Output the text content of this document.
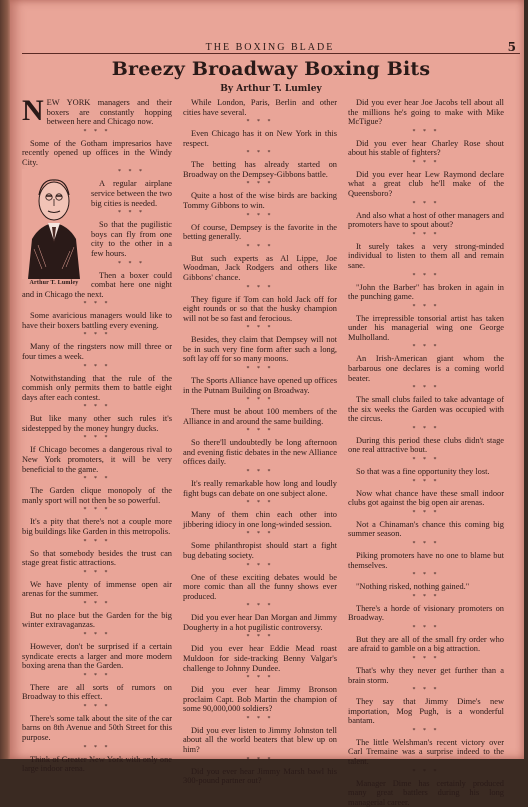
THE BOXING BLADE	5
Breezy Broadway Boxing Bits
By Arthur T. Lumley

NEW YORK managers and their boxers are constantly hopping between here and Chicago now.

* * *

Some of the Gotham impresarios have recently opened up offices in the Windy City.

Arthur T. Lumley
* * *

A regular airplane service between the two big cities is needed.

* * *

So that the pugilistic boys can fly from one city to the other in a few hours.

* * *

Then a boxer could combat here one night and in Chicago the next.

* * *

Some avaricious managers would like to have their boxers battling every evening.

* * *

Many of the ringsters now mill three or four times a week.

* * *

Notwithstanding that the rule of the commish only permits them to battle eight days after each contest.

* * *

But like many other such rules it's sidestepped by the money hungry ducks.

* * *

If Chicago becomes a dangerous rival to New York promoters, it will be very beneficial to the game.

* * *

The Garden clique monopoly of the manly sport will not then be so powerful.

* * *

It's a pity that there's not a couple more big buildings like Garden in this metropolis.

* * *

So that somebody besides the trust can stage great fistic attractions.

* * *

We have plenty of immense open air arenas for the summer.

* * *

But no place but the Garden for the big winter extravaganzas.

* * *

However, don't be surprised if a certain syndicate erects a larger and more modern boxing arena than the Garden.

* * *

There are all sorts of rumors on Broadway to this effect.

* * *

There's some talk about the site of the car barns on 8th Avenue and 50th Street for this purpose.

* * *

Think of Greater New York with only one large indoor arena.

While London, Paris, Berlin and other cities have several.

* * *

Even Chicago has it on New York in this respect.

* * *

The betting has already started on Broadway on the Dempsey-Gibbons battle.

* * *

Quite a host of the wise birds are backing Tommy Gibbons to win.

* * *

Of course, Dempsey is the favorite in the betting generally.

* * *

But such experts as Al Lippe, Joe Woodman, Jack Rodgers and others like Gibbons' chance.

* * *

They figure if Tom can hold Jack off for eight rounds or so that the husky champion will not be so fast and ferocious.

* * *

Besides, they claim that Dempsey will not be in such very fine form after such a long, soft lay off for so many moons.

* * *

The Sports Alliance have opened up offices in the Putnam Building on Broadway.

* * *

There must be about 100 members of the Alliance in and around the same building.

* * *

So there'll undoubtedly be long afternoon and evening fistic debates in the new Alliance offices daily.

* * *

It's really remarkable how long and loudly fight bugs can debate on one subject alone.

* * *

Many of them chin each other into jibbering idiocy in one long-winded session.

* * *

Some philanthropist should start a fight bug debating society.

* * *

One of these exciting debates would be more comic than all the funny shows ever produced.

* * *

Did you ever hear Dan Morgan and Jimmy Dougherty in a hot pugilistic controversy.

* * *

Did you ever hear Eddie Mead roast Muldoon for side-tracking Benny Valgar's challenge to Johnny Dundee.

* * *

Did you ever hear Jimmy Bronson proclaim Capt. Bob Martin the champion of some 90,000,000 soldiers?

* * *

Did you ever listen to Jimmy Johnston tell about all the world beaters that blew up on him?

* * *

Did you ever hear Jimmy Marsh bawl his 300-pound partner out?

Did you ever hear Joe Jacobs tell about all the millions he's going to make with Mike McTigue?

* * *

Did you ever hear Charley Rose shout about his stable of fighters?

* * *

Did you ever hear Lew Raymond declare what a great club he'll make of the Queensboro?

* * *

And also what a host of other managers and promoters have to spout about?

* * *

It surely takes a very strong-minded individual to listen to them all and remain sane.

* * *

"John the Barber" has broken in again in the punching game.

* * *

The irrepressible tonsorial artist has taken under his managerial wing one George Mulholland.

* * *

An Irish-American giant whom the barbarous one declares is a coming world beater.

* * *

The small clubs failed to take advantage of the six weeks the Garden was occupied with the circus.

* * *

During this period these clubs didn't stage one real attractive bout.

* * *

So that was a fine opportunity they lost.

* * *

Now what chance have these small indoor clubs got against the big open air arenas.

* * *

Not a Chinaman's chance this coming big summer season.

* * *

Piking promoters have no one to blame but themselves.

* * *

"Nothing risked, nothing gained."

* * *

There's a horde of visionary promoters on Broadway.

* * *

But they are all of the small fry order who are afraid to gamble on a big attraction.

* * *

That's why they never get further than a brain storm.

* * *

They say that Jimmy Dime's new importation, Mog Pugh, is a wonderful bantam.

* * *

The little Welshman's recent victory over Carl Tremaine was a surprise indeed to the talent.

* * *

Manager Dime has certainly produced many great battlers during his long managerial career.
